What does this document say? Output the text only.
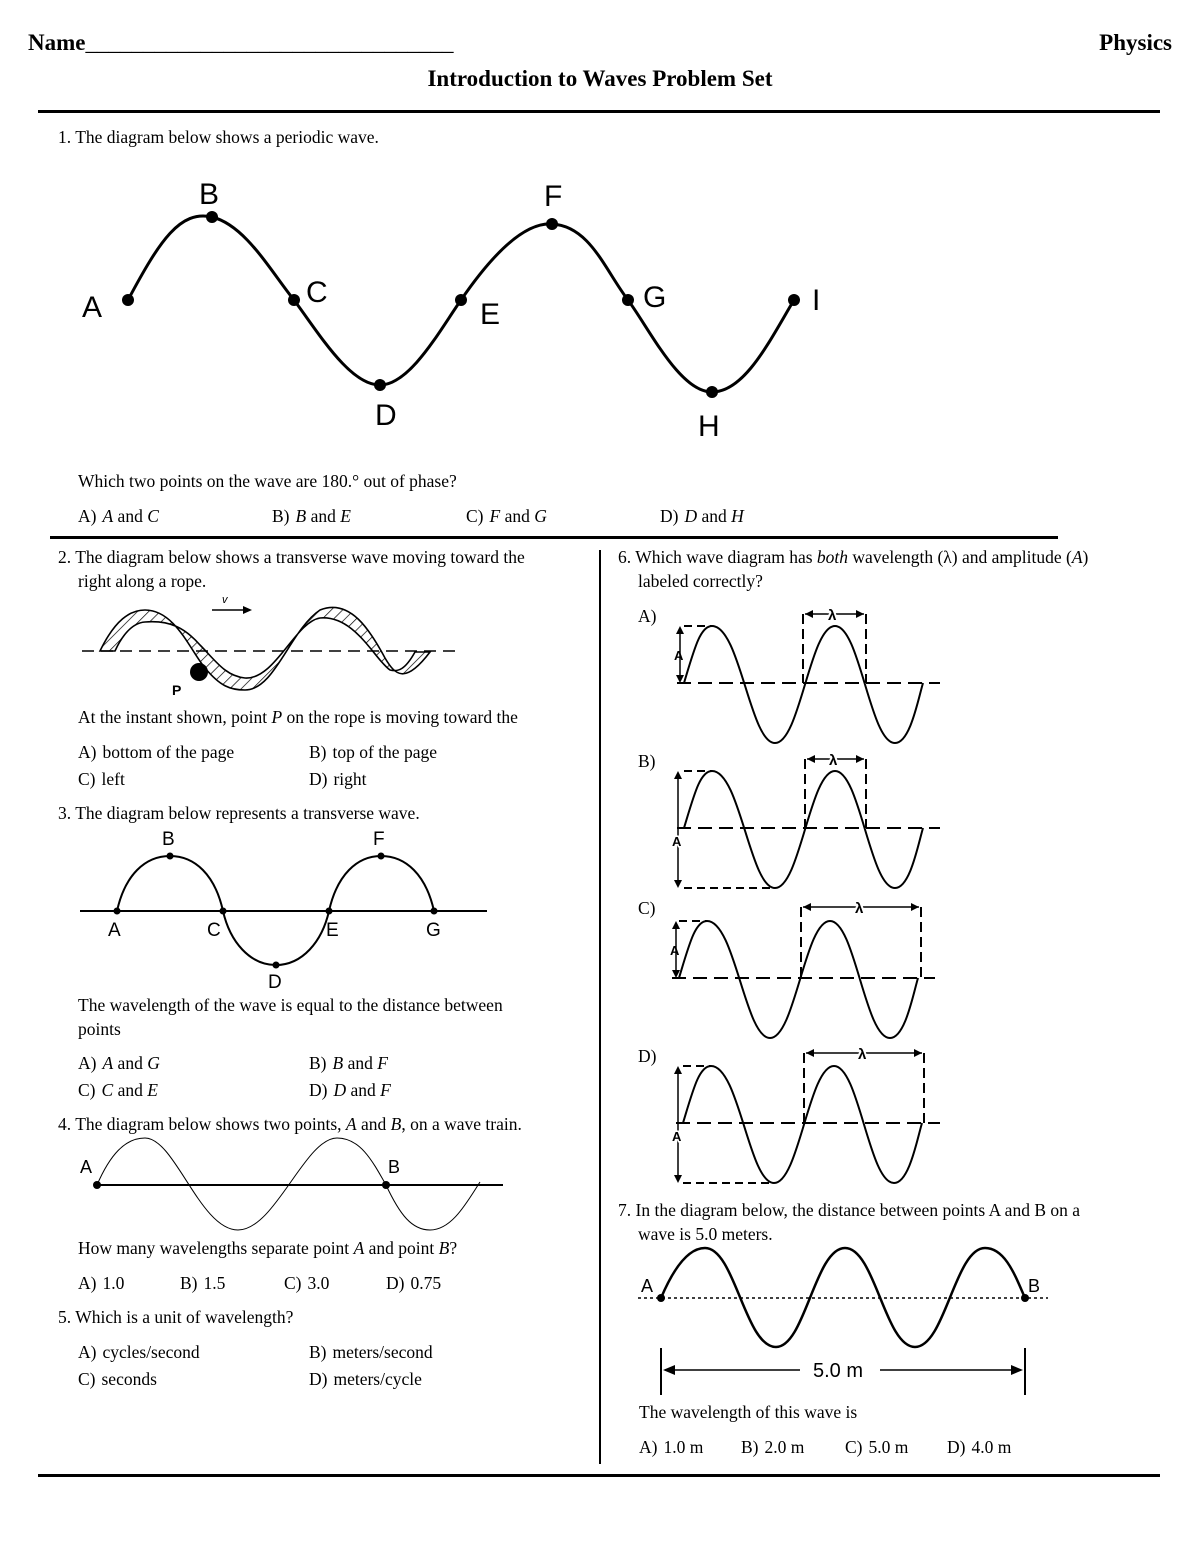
Name________________________________	Physics
Introduction to Waves Problem Set
1. The diagram below shows a periodic wave.
A
B
C
D
E
F
G
H
I
Which two points on the wave are 180.° out of phase?
A) A and C	B) B and E	C) F and G	D) D and H
2. The diagram below shows a transverse wave moving toward the
right along a rope.
v
P
At the instant shown, point P on the rope is moving toward the
A) bottom of the page	B) top of the page
C) left	D) right
3. The diagram below represents a transverse wave.
A
B
C
D
E
F
G
The wavelength of the wave is equal to the distance between
points
A) A and G	B) B and F
C) C and E	D) D and F
4. The diagram below shows two points, A and B, on a wave train.
A	B
How many wavelengths separate point A and point B?
A) 1.0	B) 1.5	C) 3.0	D) 0.75
5. Which is a unit of wavelength?
A) cycles/second	B) meters/second
C) seconds	D) meters/cycle
6. Which wave diagram has both wavelength (λ) and amplitude (A)
labeled correctly?
A)
A
λ
B)
A
λ
C)
A
λ
D)
A
λ
7. In the diagram below, the distance between points A and B on a
wave is 5.0 meters.
A	B
5.0 m
The wavelength of this wave is
A) 1.0 m B) 2.0 m C) 5.0 m D) 4.0 m
